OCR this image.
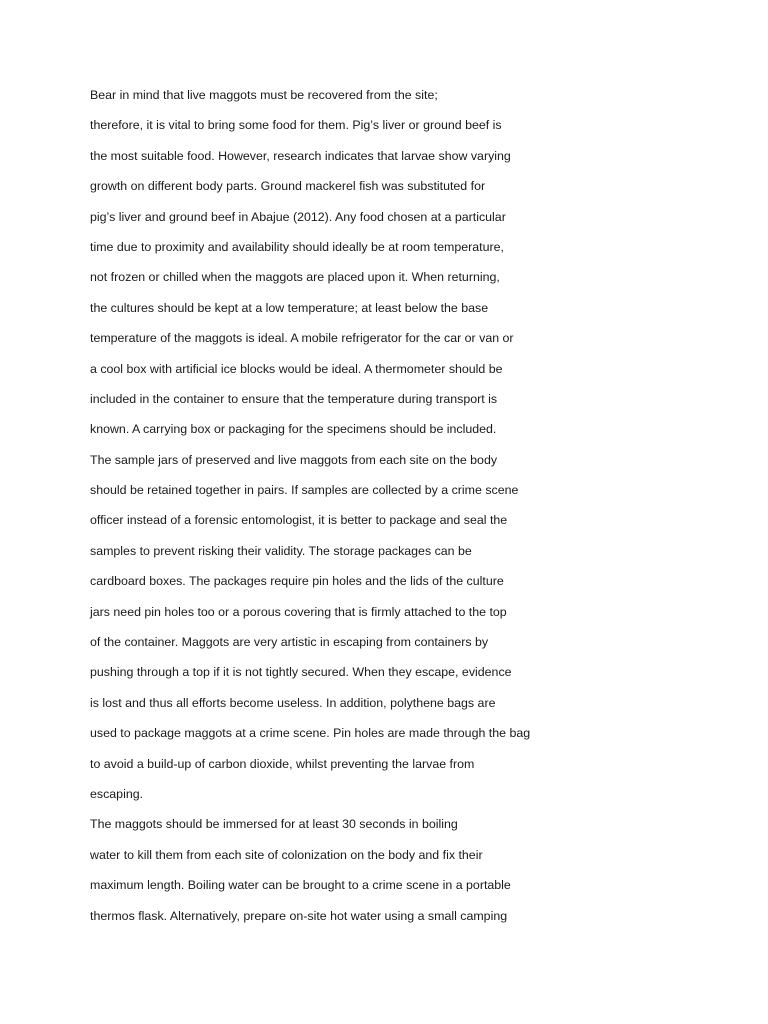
Bear in mind that live maggots must be recovered from the site;
therefore, it is vital to bring some food for them. Pig’s liver or ground beef is
the most suitable food. However, research indicates that larvae show varying
growth on different body parts. Ground mackerel fish was substituted for
pig’s liver and ground beef in Abajue (2012). Any food chosen at a particular
time due to proximity and availability should ideally be at room temperature,
not frozen or chilled when the maggots are placed upon it. When returning,
the cultures should be kept at a low temperature; at least below the base
temperature of the maggots is ideal. A mobile refrigerator for the car or van or
a cool box with artificial ice blocks would be ideal. A thermometer should be
included in the container to ensure that the temperature during transport is
known. A carrying box or packaging for the specimens should be included.
The sample jars of preserved and live maggots from each site on the body
should be retained together in pairs. If samples are collected by a crime scene
officer instead of a forensic entomologist, it is better to package and seal the
samples to prevent risking their validity. The storage packages can be
cardboard boxes. The packages require pin holes and the lids of the culture
jars need pin holes too or a porous covering that is firmly attached to the top
of the container. Maggots are very artistic in escaping from containers by
pushing through a top if it is not tightly secured. When they escape, evidence
is lost and thus all efforts become useless. In addition, polythene bags are
used to package maggots at a crime scene. Pin holes are made through the bag
to avoid a build-up of carbon dioxide, whilst preventing the larvae from
escaping.
The maggots should be immersed for at least 30 seconds in boiling
water to kill them from each site of colonization on the body and fix their
maximum length. Boiling water can be brought to a crime scene in a portable
thermos flask. Alternatively, prepare on-site hot water using a small camping
